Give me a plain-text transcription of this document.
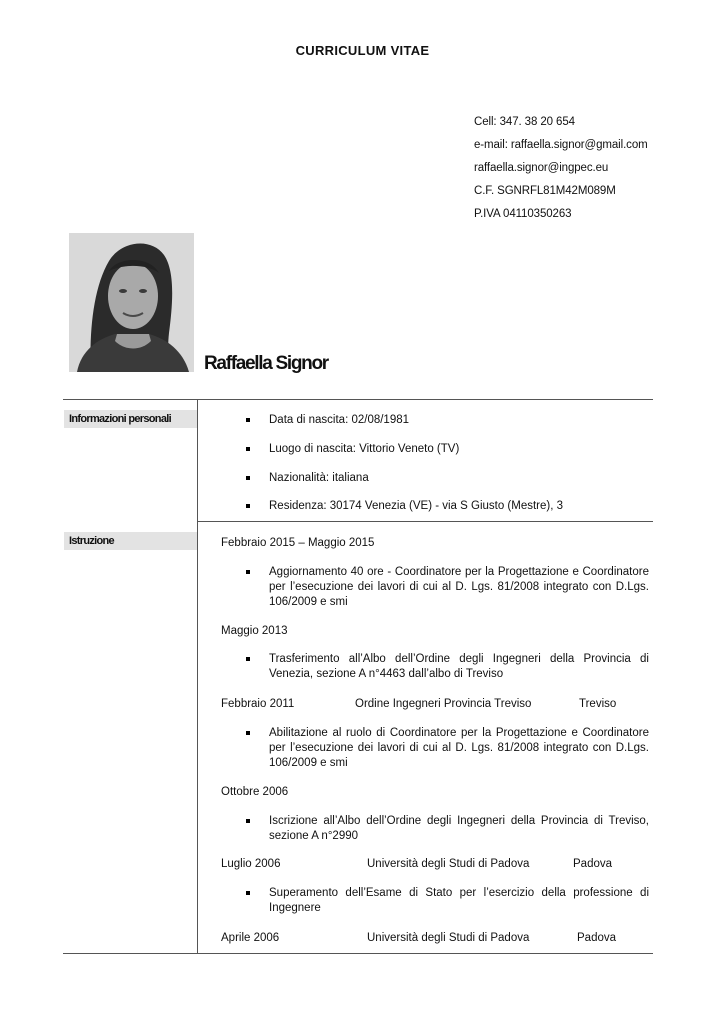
CURRICULUM VITAE
Cell: 347. 38 20 654
e-mail: raffaella.signor@gmail.com
raffaella.signor@ingpec.eu
C.F. SGNRFL81M42M089M
P.IVA 04110350263
Raffaella Signor
Informazioni personali	Data di nascita: 02/08/1981
Luogo di nascita: Vittorio Veneto (TV)
Nazionalità: italiana
Residenza: 30174 Venezia (VE) - via S Giusto (Mestre), 3
Istruzione	Febbraio 2015 – Maggio 2015
Aggiornamento 40 ore - Coordinatore per la Progettazione e Coordinatore per l’esecuzione dei lavori di cui al D. Lgs. 81/2008 integrato con D.Lgs. 106/2009 e smi
Maggio 2013
Trasferimento all’Albo dell’Ordine degli Ingegneri della Provincia di Venezia, sezione A n°4463 dall’albo di Treviso
Febbraio 2011	Ordine Ingegneri Provincia Treviso	Treviso
Abilitazione al ruolo di Coordinatore per la Progettazione e Coordinatore per l’esecuzione dei lavori di cui al D. Lgs. 81/2008 integrato con D.Lgs. 106/2009 e smi
Ottobre 2006
Iscrizione all’Albo dell’Ordine degli Ingegneri della Provincia di Treviso, sezione A n°2990
Luglio 2006	Università degli Studi di Padova	Padova
Superamento dell’Esame di Stato per l’esercizio della professione di Ingegnere
Aprile 2006	Università degli Studi di Padova	Padova
